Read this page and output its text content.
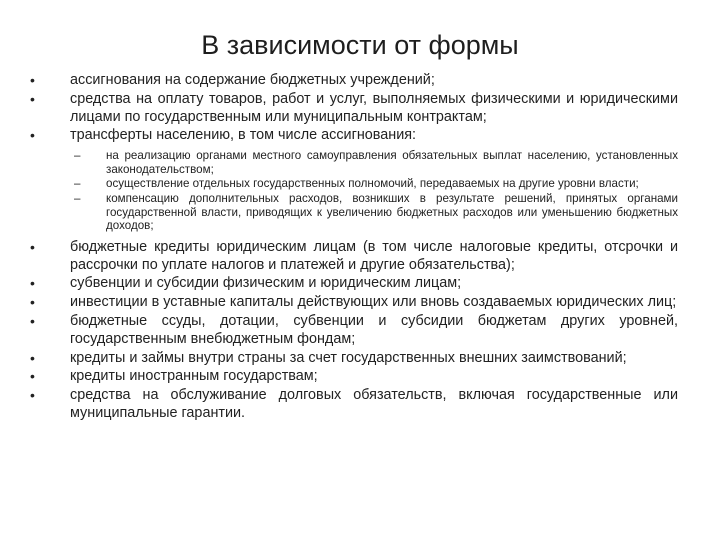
В зависимости от формы
•	ассигнования на содержание бюджетных учреждений;
•	средства на оплату товаров, работ и услуг, выполняемых физическими и юридическими лицами по государственным или муниципальным контрактам;
•	трансферты населению, в том числе ассигнования:
– на реализацию органами местного самоуправления обязательных выплат населению, установленных законодательством;
– осуществление отдельных государственных полномочий, передаваемых на другие уровни власти;
– компенсацию дополнительных расходов, возникших в результате решений, принятых органами государственной власти, приводящих к увеличению бюджетных расходов или уменьшению бюджетных доходов;
•	бюджетные кредиты юридическим лицам (в том числе налоговые кредиты, отсрочки и рассрочки по уплате налогов и платежей и другие обязательства);
•	субвенции и субсидии физическим и юридическим лицам;
•	инвестиции в уставные капиталы действующих или вновь создаваемых юридических лиц;
•	бюджетные ссуды, дотации, субвенции и субсидии бюджетам других уровней, государственным внебюджетным фондам;
•	кредиты и займы внутри страны за счет государственных внешних заимствований;
•	кредиты иностранным государствам;
•	средства на обслуживание долговых обязательств, включая государственные или муниципальные гарантии.
